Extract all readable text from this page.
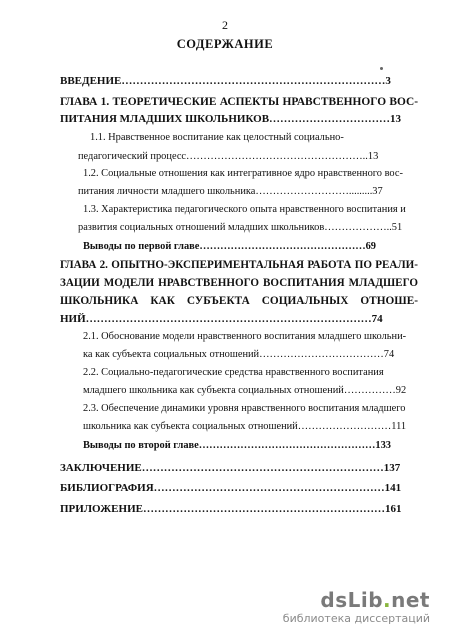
2
СОДЕРЖАНИЕ
ВВЕДЕНИЕ………………………………………………………………3
ГЛАВА 1. ТЕОРЕТИЧЕСКИЕ АСПЕКТЫ НРАВСТВЕННОГО ВОС-
ПИТАНИЯ МЛАДШИХ ШКОЛЬНИКОВ……………………………13
1.1. Нравственное воспитание как целостный социально-
педагогический процесс……………………………………………..13
1.2. Социальные отношения как интегративное ядро нравственного вос-
питания личности младшего школьника……………………….........37
1.3. Характеристика педагогического опыта нравственного воспитания и
развития социальных отношений младших школьников………………..51
Выводы по первой главе…………………………………………69
ГЛАВА 2. ОПЫТНО-ЭКСПЕРИМЕНТАЛЬНАЯ РАБОТА ПО РЕАЛИ-
ЗАЦИИ МОДЕЛИ НРАВСТВЕННОГО ВОСПИТАНИЯ МЛАДШЕГО
ШКОЛЬНИКА КАК СУБЪЕКТА СОЦИАЛЬНЫХ ОТНОШЕ-
НИЙ……………………………………………………………………74
2.1. Обоснование модели нравственного воспитания младшего школьни-
ка как субъекта социальных отношений………………………………74
2.2. Социально-педагогические средства нравственного воспитания
младшего школьника как субъекта социальных отношений……………92
2.3. Обеспечение динамики уровня нравственного воспитания младшего
школьника как субъекта социальных отношений………………………111
Выводы по второй главе……………………………………………133
ЗАКЛЮЧЕНИЕ…………………………………………………………137
БИБЛИОГРАФИЯ………………………………………………………141
ПРИЛОЖЕНИЕ…………………………………………………………161
dsLib.net
библиотека диссертаций
